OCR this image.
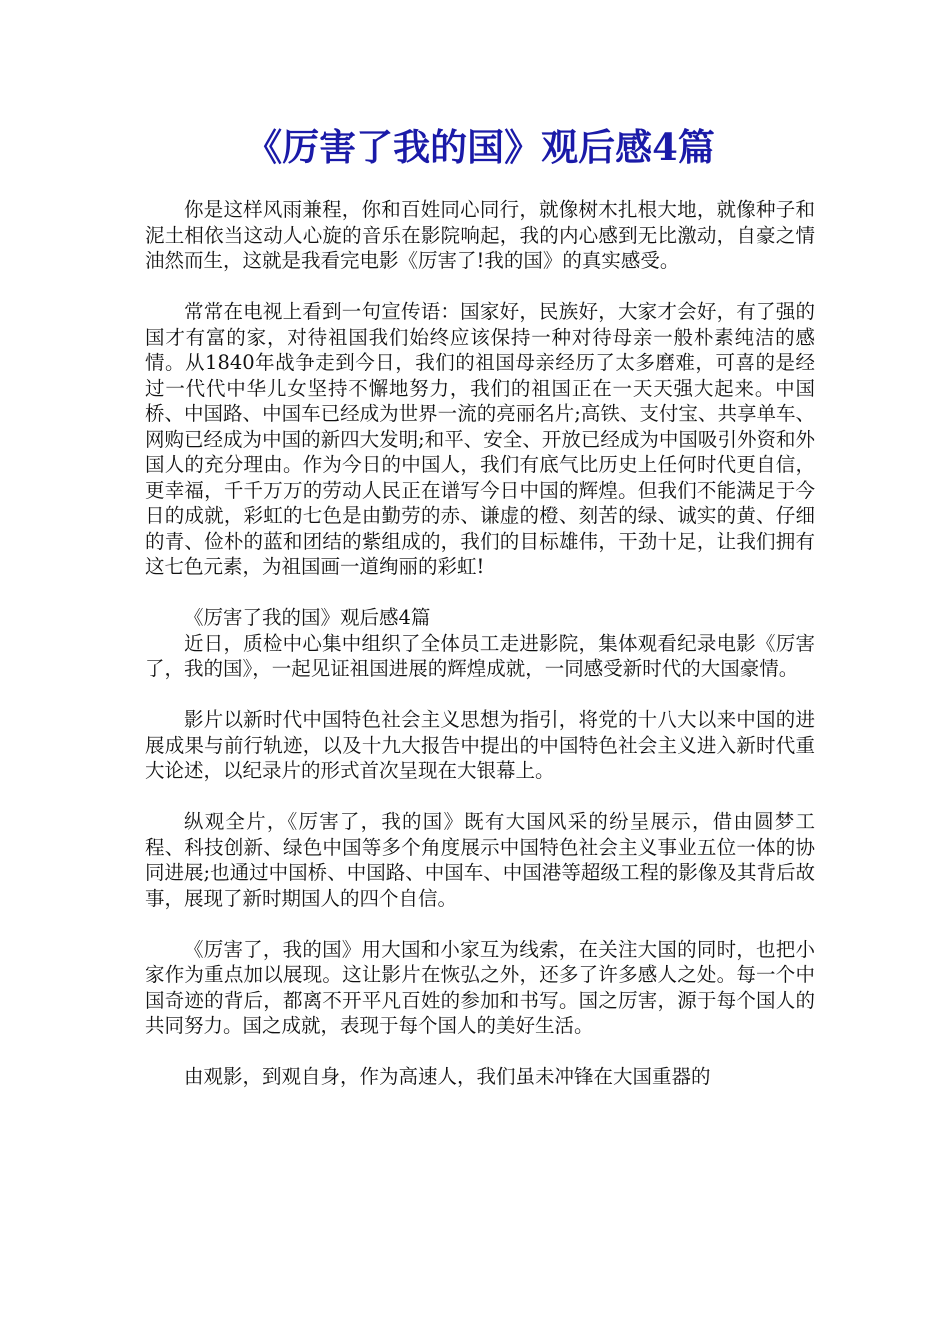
《厉害了我的国》观后感4篇

你是这样风雨兼程，你和百姓同心同行，就像树木扎根大地，就像种子和泥土相依当这动人心旋的音乐在影院响起，我的内心感到无比激动，自豪之情油然而生，这就是我看完电影《厉害了!我的国》的真实感受。

常常在电视上看到一句宣传语：国家好，民族好，大家才会好，有了强的国才有富的家，对待祖国我们始终应该保持一种对待母亲一般朴素纯洁的感情。从1840年战争走到今日，我们的祖国母亲经历了太多磨难，可喜的是经过一代代中华儿女坚持不懈地努力，我们的祖国正在一天天强大起来。中国桥、中国路、中国车已经成为世界一流的亮丽名片;高铁、支付宝、共享单车、网购已经成为中国的新四大发明;和平、安全、开放已经成为中国吸引外资和外国人的充分理由。作为今日的中国人，我们有底气比历史上任何时代更自信，更幸福，千千万万的劳动人民正在谱写今日中国的辉煌。但我们不能满足于今日的成就，彩虹的七色是由勤劳的赤、谦虚的橙、刻苦的绿、诚实的黄、仔细的青、俭朴的蓝和团结的紫组成的，我们的目标雄伟，干劲十足，让我们拥有这七色元素，为祖国画一道绚丽的彩虹!

《厉害了我的国》观后感4篇

近日，质检中心集中组织了全体员工走进影院，集体观看纪录电影《厉害了，我的国》，一起见证祖国进展的辉煌成就，一同感受新时代的大国豪情。

影片以新时代中国特色社会主义思想为指引，将党的十八大以来中国的进展成果与前行轨迹，以及十九大报告中提出的中国特色社会主义进入新时代重大论述，以纪录片的形式首次呈现在大银幕上。

纵观全片，《厉害了，我的国》既有大国风采的纷呈展示，借由圆梦工程、科技创新、绿色中国等多个角度展示中国特色社会主义事业五位一体的协同进展;也通过中国桥、中国路、中国车、中国港等超级工程的影像及其背后故事，展现了新时期国人的四个自信。

《厉害了，我的国》用大国和小家互为线索，在关注大国的同时，也把小家作为重点加以展现。这让影片在恢弘之外，还多了许多感人之处。每一个中国奇迹的背后，都离不开平凡百姓的参加和书写。国之厉害，源于每个国人的共同努力。国之成就，表现于每个国人的美好生活。

由观影，到观自身，作为高速人，我们虽未冲锋在大国重器的
